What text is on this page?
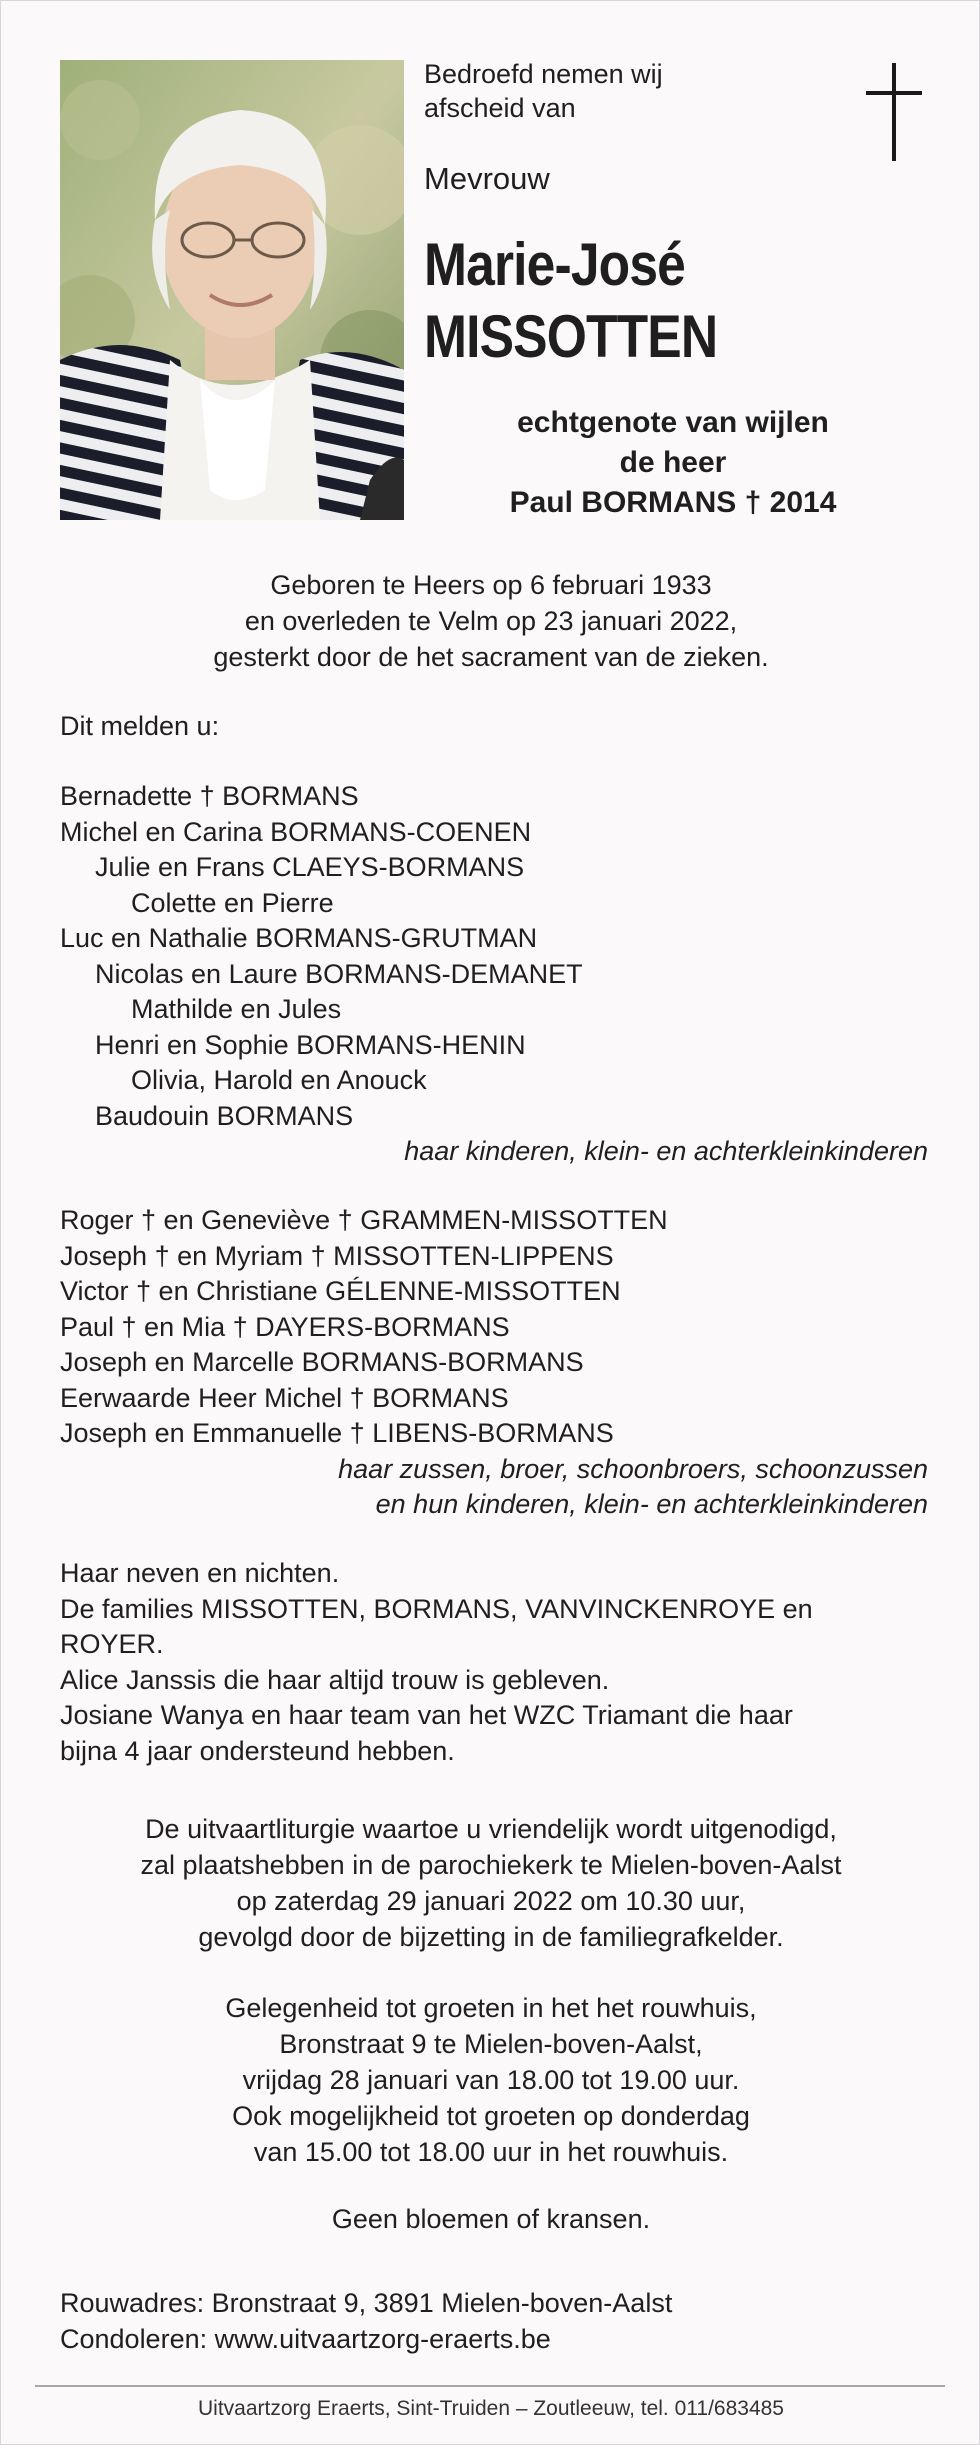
Bedroefd nemen wij
afscheid van
Mevrouw
Marie-José
MISSOTTEN
echtgenote van wijlen
de heer
Paul BORMANS † 2014
Geboren te Heers op 6 februari 1933
en overleden te Velm op 23 januari 2022,
gesterkt door de het sacrament van de zieken.
Dit melden u:
Bernadette † BORMANS
Michel en Carina BORMANS-COENEN
Julie en Frans CLAEYS-BORMANS
Colette en Pierre
Luc en Nathalie BORMANS-GRUTMAN
Nicolas en Laure BORMANS-DEMANET
Mathilde en Jules
Henri en Sophie BORMANS-HENIN
Olivia, Harold en Anouck
Baudouin BORMANS
haar kinderen, klein- en achterkleinkinderen
Roger † en Geneviève † GRAMMEN-MISSOTTEN
Joseph † en Myriam † MISSOTTEN-LIPPENS
Victor † en Christiane GÉLENNE-MISSOTTEN
Paul † en Mia † DAYERS-BORMANS
Joseph en Marcelle BORMANS-BORMANS
Eerwaarde Heer Michel † BORMANS
Joseph en Emmanuelle † LIBENS-BORMANS
haar zussen, broer, schoonbroers, schoonzussen
en hun kinderen, klein- en achterkleinkinderen
Haar neven en nichten.
De families MISSOTTEN, BORMANS, VANVINCKENROYE en
ROYER.
Alice Janssis die haar altijd trouw is gebleven.
Josiane Wanya en haar team van het WZC Triamant die haar
bijna 4 jaar ondersteund hebben.
De uitvaartliturgie waartoe u vriendelijk wordt uitgenodigd,
zal plaatshebben in de parochiekerk te Mielen-boven-Aalst
op zaterdag 29 januari 2022 om 10.30 uur,
gevolgd door de bijzetting in de familiegrafkelder.
Gelegenheid tot groeten in het het rouwhuis,
Bronstraat 9 te Mielen-boven-Aalst,
vrijdag 28 januari van 18.00 tot 19.00 uur.
Ook mogelijkheid tot groeten op donderdag
van 15.00 tot 18.00 uur in het rouwhuis.
Geen bloemen of kransen.
Rouwadres: Bronstraat 9, 3891 Mielen-boven-Aalst
Condoleren: www.uitvaartzorg-eraerts.be
Uitvaartzorg Eraerts, Sint-Truiden – Zoutleeuw, tel. 011/683485
